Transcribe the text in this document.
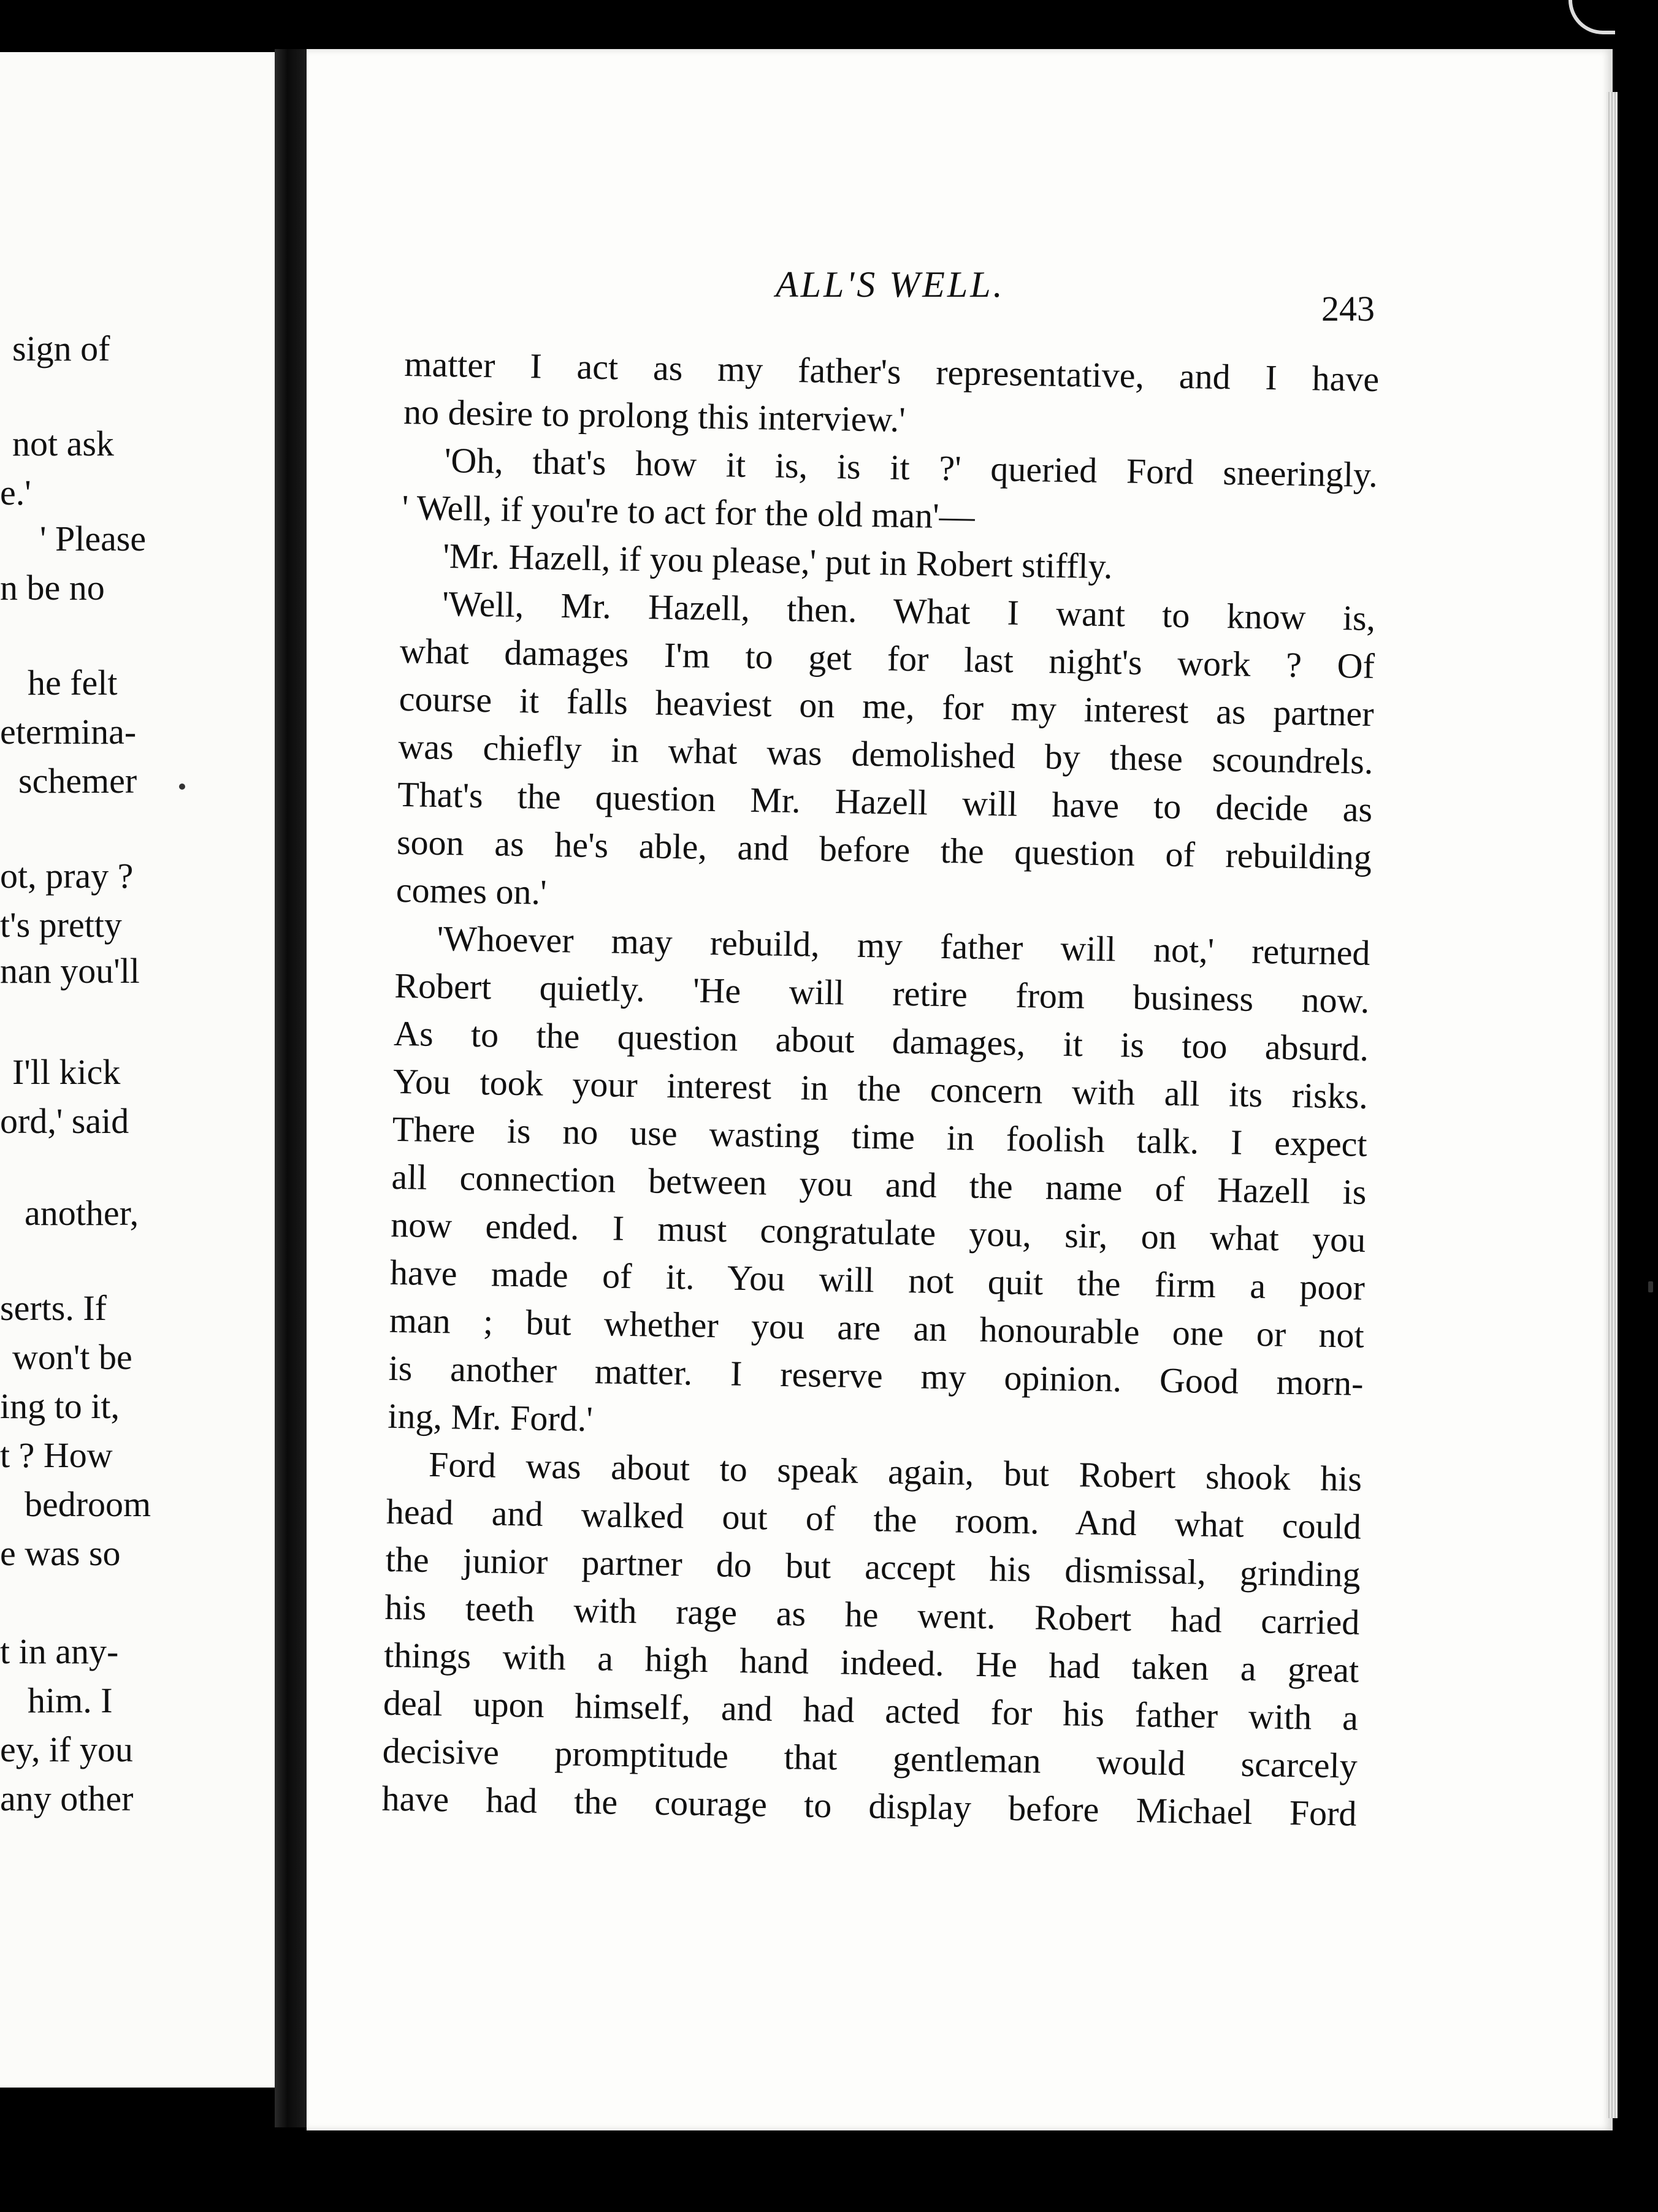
sign of
not ask
e.'
' Please
n be no
he felt
etermina-
schemer
ot, pray ?
t's pretty
nan you'll
I'll kick
ord,' said
another,
serts. If
won't be
ing to it,
t ? How
bedroom
e was so
t in any-
him. I
ey, if you
any other
ALL'S WELL.
243
matter I act as my father's representative, and I have
no desire to prolong this interview.'
'Oh, that's how it is, is it ?' queried Ford sneeringly.
' Well, if you're to act for the old man'—
'Mr. Hazell, if you please,' put in Robert stiffly.
'Well, Mr. Hazell, then. What I want to know is,
what damages I'm to get for last night's work ? Of
course it falls heaviest on me, for my interest as partner
was chiefly in what was demolished by these scoundrels.
That's the question Mr. Hazell will have to decide as
soon as he's able, and before the question of rebuilding
comes on.'
'Whoever may rebuild, my father will not,' returned
Robert quietly. 'He will retire from business now.
As to the question about damages, it is too absurd.
You took your interest in the concern with all its risks.
There is no use wasting time in foolish talk. I expect
all connection between you and the name of Hazell is
now ended. I must congratulate you, sir, on what you
have made of it. You will not quit the firm a poor
man ; but whether you are an honourable one or not
is another matter. I reserve my opinion. Good morn-
ing, Mr. Ford.'
Ford was about to speak again, but Robert shook his
head and walked out of the room. And what could
the junior partner do but accept his dismissal, grinding
his teeth with rage as he went. Robert had carried
things with a high hand indeed. He had taken a great
deal upon himself, and had acted for his father with a
decisive promptitude that gentleman would scarcely
have had the courage to display before Michael Ford
